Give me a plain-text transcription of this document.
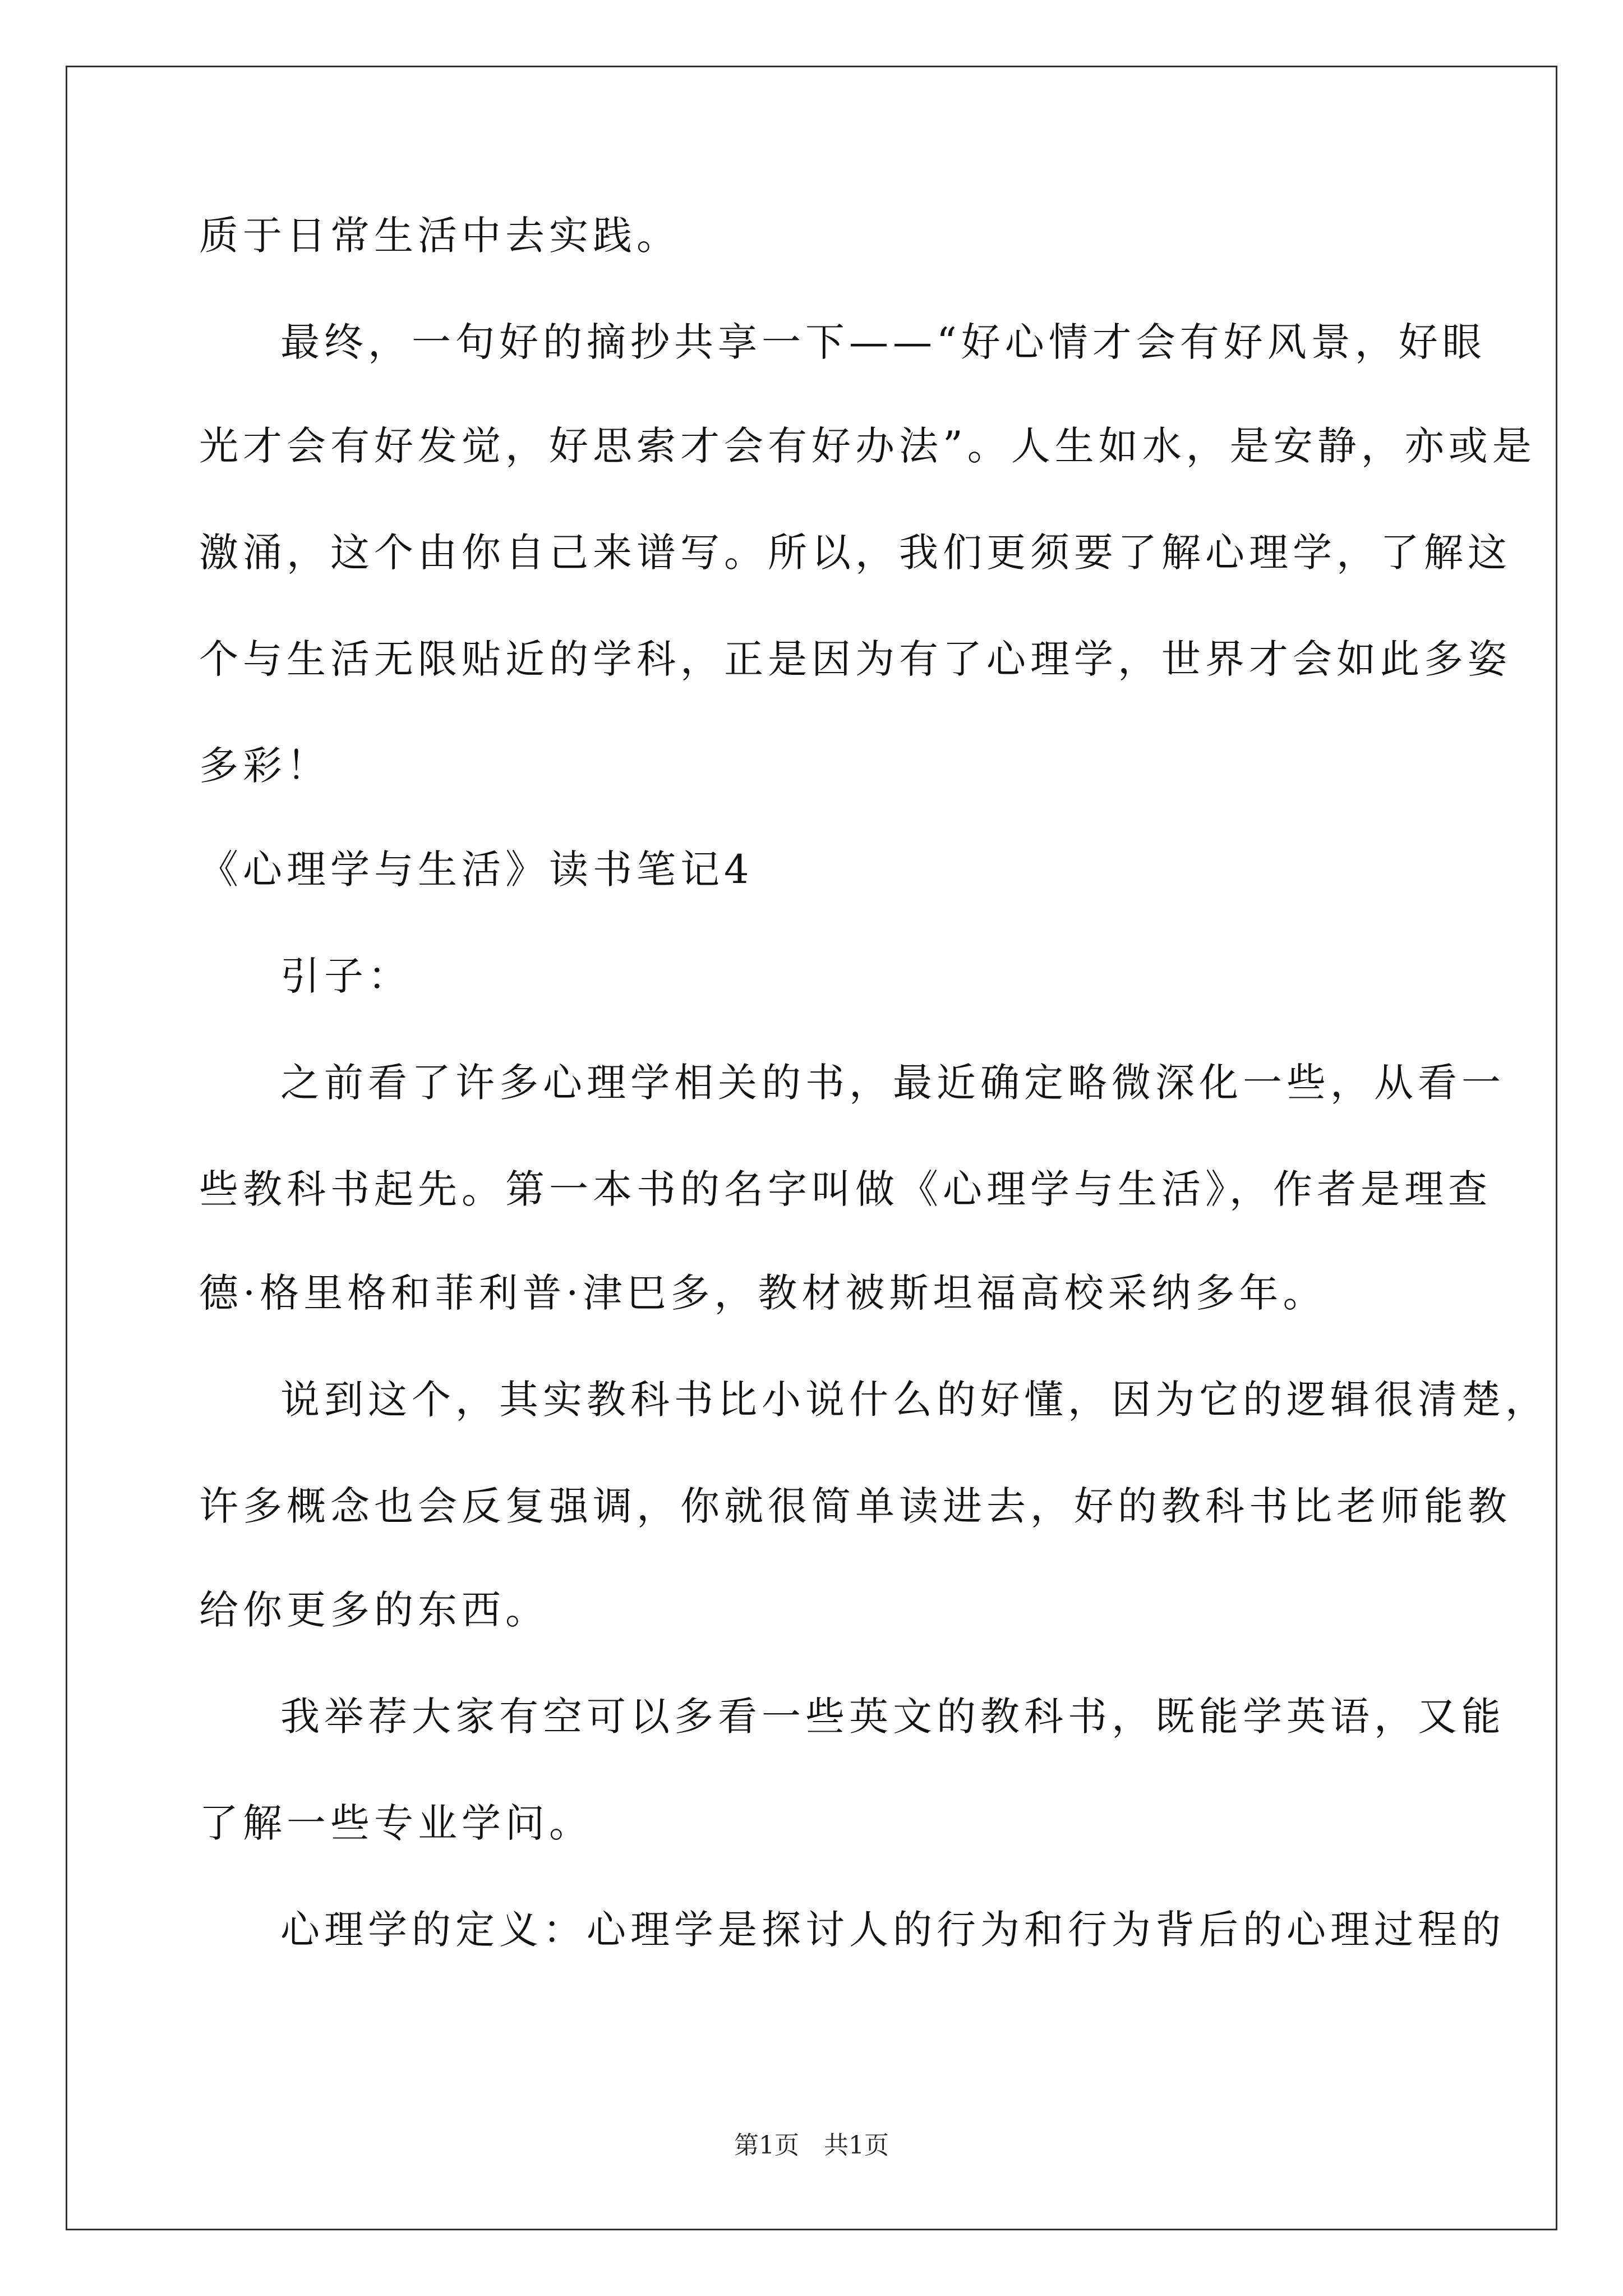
质于日常生活中去实践。
最终，一句好的摘抄共享一下——“好心情才会有好风景，好眼
光才会有好发觉，好思索才会有好办法”。人生如水，是安静，亦或是
激涌，这个由你自己来谱写。所以，我们更须要了解心理学，了解这
个与生活无限贴近的学科，正是因为有了心理学，世界才会如此多姿
多彩！
《心理学与生活》读书笔记4
引子：
之前看了许多心理学相关的书，最近确定略微深化一些，从看一
些教科书起先。第一本书的名字叫做《心理学与生活》，作者是理查
德·格里格和菲利普·津巴多，教材被斯坦福高校采纳多年。
说到这个，其实教科书比小说什么的好懂，因为它的逻辑很清楚，
许多概念也会反复强调，你就很简单读进去，好的教科书比老师能教
给你更多的东西。
我举荐大家有空可以多看一些英文的教科书，既能学英语，又能
了解一些专业学问。
心理学的定义：心理学是探讨人的行为和行为背后的心理过程的
第1页　共1页
